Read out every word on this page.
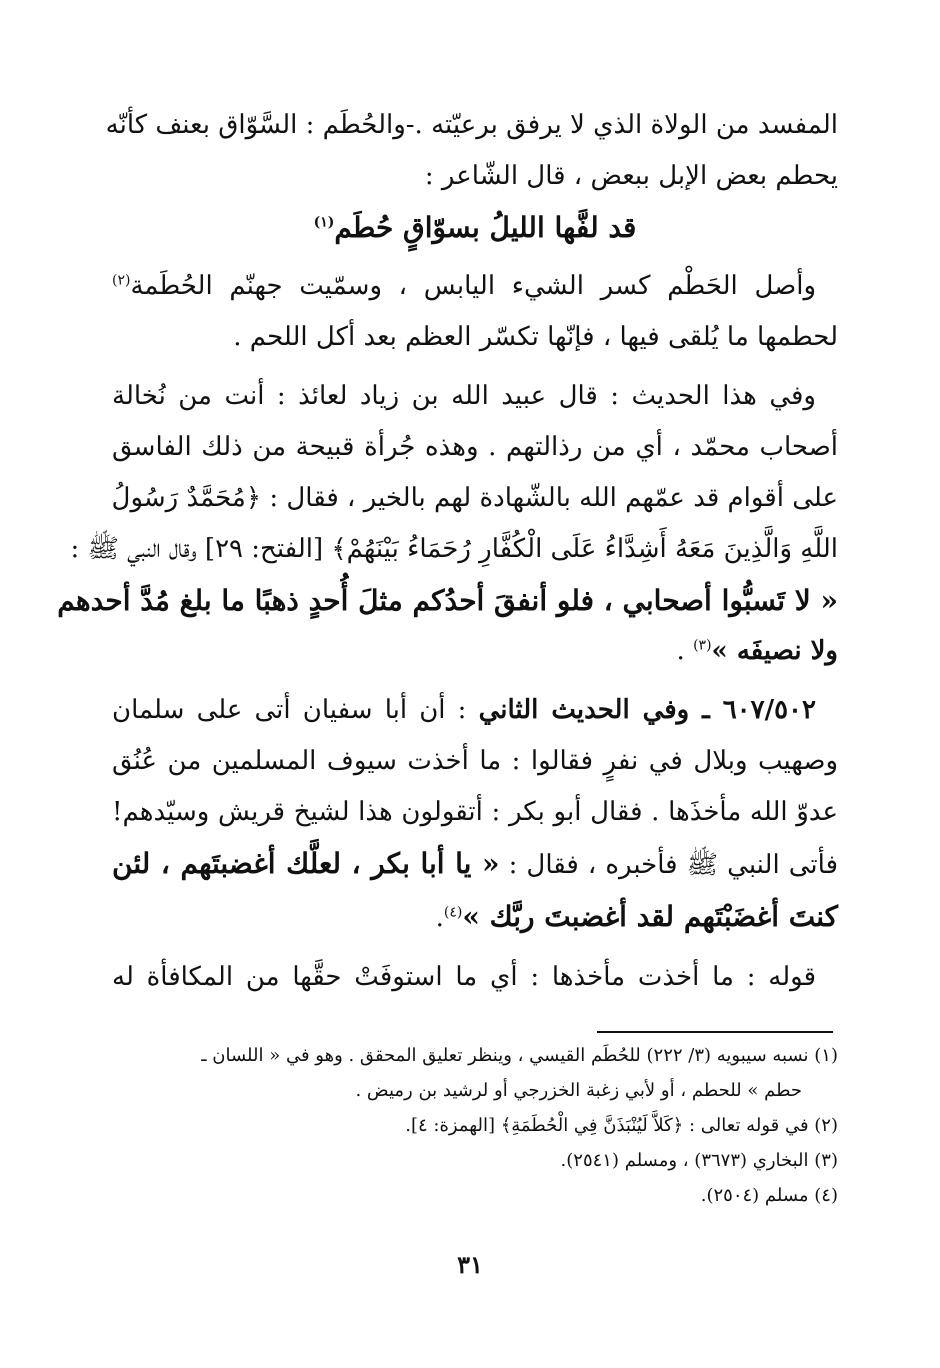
المفسد من الولاة الذي لا يرفق برعيّته .-والحُطَم : السَّوّاق بعنف كأنّه
يحطم بعض الإبل ببعض ، قال الشّاعر :
قد لفَّها الليلُ بسوّاقٍ حُطَم$^{(١)}$
وأصل الحَطْم كسر الشيء اليابس ، وسمّيت جهنّم الحُطَمة$^{(٢)}$
لحطمها ما يُلقى فيها ، فإنّها تكسّر العظم بعد أكل اللحم .
وفي هذا الحديث : قال عبيد الله بن زياد لعائذ : أنت من نُخالة
أصحاب محمّد ، أي من رذالتهم . وهذه جُرأة قبيحة من ذلك الفاسق
على أقوام قد عمّهم الله بالشّهادة لهم بالخير ، فقال : ﴿مُحَمَّدٌ رَسُولُ
اللَّهِ وَالَّذِينَ مَعَهُ أَشِدَّاءُ عَلَى الْكُفَّارِ رُحَمَاءُ بَيْنَهُمْ﴾ [الفتح: ٢٩] وقال النبي ﷺ :
« لا تَسبُّوا أصحابي ، فلو أنفقَ أحدُكم مثلَ أُحدٍ ذهبًا ما بلغ مُدَّ أحدهم
ولا نصيفَه »$^{(٣)}$ .
٦٠٧/٥٠٢ ـ وفي الحديث الثاني : أن أبا سفيان أتى على سلمان
وصهيب وبلال في نفرٍ فقالوا : ما أخذت سيوف المسلمين من عُنُق
عدوّ الله مأخذَها . فقال أبو بكر : أتقولون هذا لشيخ قريش وسيّدهم!
فأتى النبي ﷺ فأخبره ، فقال : « يا أبا بكر ، لعلَّك أغضبتَهم ، لئن
كنتَ أغضَبْتَهم لقد أغضبتَ ربَّك »$^{(٤)}$.
قوله : ما أخذت مأخذها : أي ما استوفَتْ حقَّها من المكافأة له
(١) نسبه سيبويه (٣/ ٢٢٢) للحُطَم القيسي ، وينظر تعليق المحقق . وهو في « اللسان ـ
حطم » للحطم ، أو لأبي زغبة الخزرجي أو لرشيد بن رميض .
(٢) في قوله تعالى : ﴿كَلاَّ لَيُنْبَذَنَّ فِي الْحُطَمَةِ﴾ [الهمزة: ٤].
(٣) البخاري (٣٦٧٣) ، ومسلم (٢٥٤١).
(٤) مسلم (٢٥٠٤).
٣١
